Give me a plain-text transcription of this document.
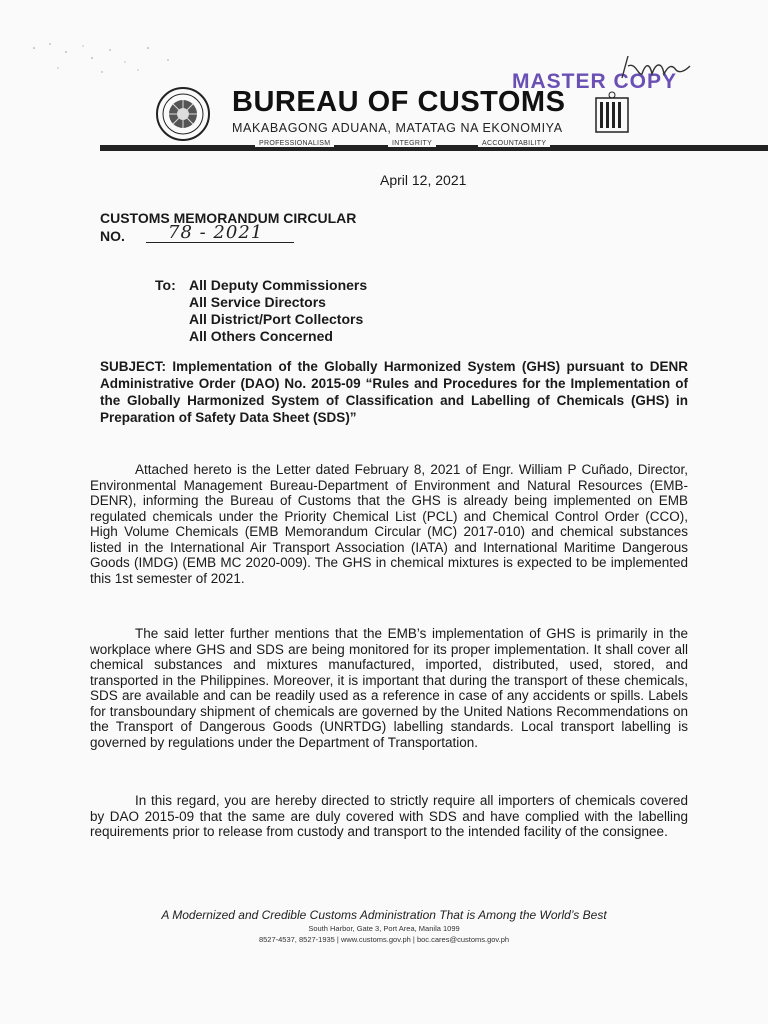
BUREAU OF CUSTOMS
MAKABAGONG ADUANA, MATATAG NA EKONOMIYA
MASTER COPY
PROFESSIONALISM	INTEGRITY	ACCOUNTABILITY
April 12, 2021
CUSTOMS MEMORANDUM CIRCULAR
NO. 78 - 2021
To: All Deputy Commissioners
All Service Directors
All District/Port Collectors
All Others Concerned
SUBJECT: Implementation of the Globally Harmonized System (GHS) pursuant to DENR Administrative Order (DAO) No. 2015-09 “Rules and Procedures for the Implementation of the Globally Harmonized System of Classification and Labelling of Chemicals (GHS) in Preparation of Safety Data Sheet (SDS)”
Attached hereto is the Letter dated February 8, 2021 of Engr. William P Cuñado, Director, Environmental Management Bureau-Department of Environment and Natural Resources (EMB-DENR), informing the Bureau of Customs that the GHS is already being implemented on EMB regulated chemicals under the Priority Chemical List (PCL) and Chemical Control Order (CCO), High Volume Chemicals (EMB Memorandum Circular (MC) 2017-010) and chemical substances listed in the International Air Transport Association (IATA) and International Maritime Dangerous Goods (IMDG) (EMB MC 2020-009). The GHS in chemical mixtures is expected to be implemented this 1st semester of 2021.
The said letter further mentions that the EMB’s implementation of GHS is primarily in the workplace where GHS and SDS are being monitored for its proper implementation. It shall cover all chemical substances and mixtures manufactured, imported, distributed, used, stored, and transported in the Philippines. Moreover, it is important that during the transport of these chemicals, SDS are available and can be readily used as a reference in case of any accidents or spills. Labels for transboundary shipment of chemicals are governed by the United Nations Recommendations on the Transport of Dangerous Goods (UNRTDG) labelling standards. Local transport labelling is governed by regulations under the Department of Transportation.
In this regard, you are hereby directed to strictly require all importers of chemicals covered by DAO 2015-09 that the same are duly covered with SDS and have complied with the labelling requirements prior to release from custody and transport to the intended facility of the consignee.
A Modernized and Credible Customs Administration That is Among the World’s Best
South Harbor, Gate 3, Port Area, Manila 1099
8527-4537, 8527-1935 | www.customs.gov.ph | boc.cares@customs.gov.ph
